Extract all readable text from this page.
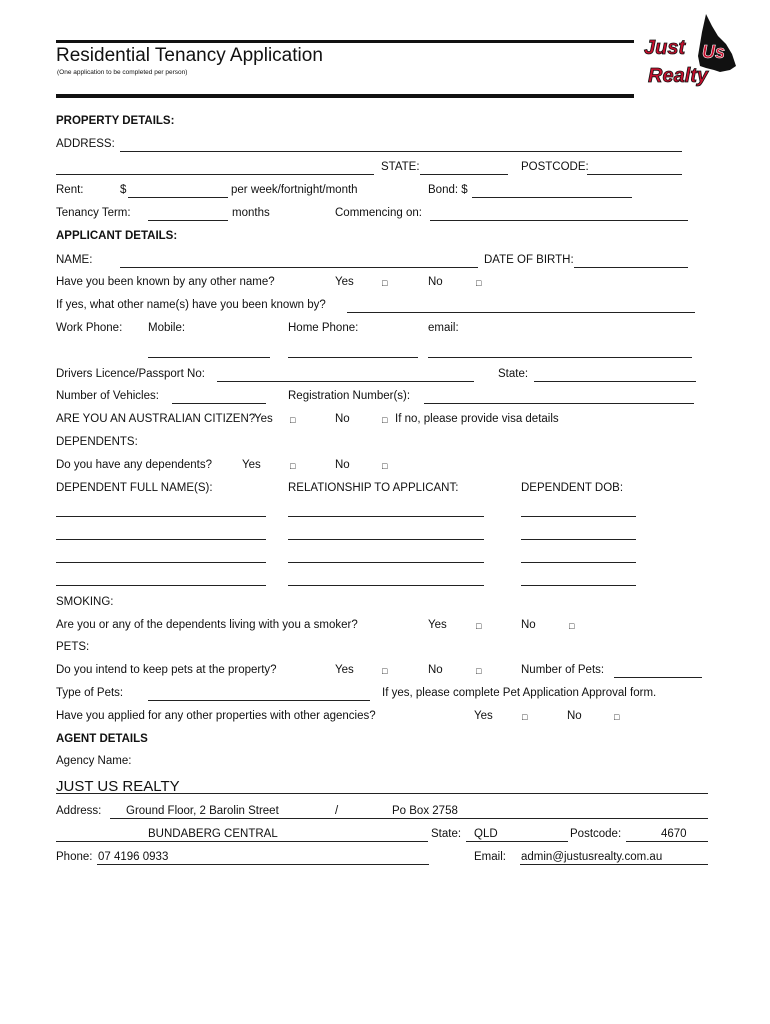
Residential Tenancy Application
(One application to be completed per person)
Just Us
Realty
PROPERTY DETAILS:
ADDRESS:
STATE:	POSTCODE:
Rent:	$	per week/fortnight/month	Bond: $
Tenancy Term:	months	Commencing on:
APPLICANT DETAILS:
NAME:	DATE OF BIRTH:
Have you been known by any other name?	Yes	□	No	□
If yes, what other name(s) have you been known by?
Work Phone: Mobile:	Home Phone:	email:
Drivers Licence/Passport No:	State:
Number of Vehicles:	Registration Number(s):
ARE YOU AN AUSTRALIAN CITIZEN?
Yes □	No	□ If no, please provide visa details
DEPENDENTS:
Do you have any dependents?	Yes	□	No	□
DEPENDENT FULL NAME(S):	RELATIONSHIP TO APPLICANT:	DEPENDENT DOB:
SMOKING:
Are you or any of the dependents living with you a smoker?	Yes	□	No	□
PETS:
Do you intend to keep pets at the property?	Yes	□	No	□	Number of Pets:
Type of Pets:	If yes, please complete Pet Application Approval form.
Have you applied for any other properties with other agencies?	Yes	□	No	□
AGENT DETAILS
Agency Name:
JUST US REALTY
Address: Ground Floor, 2 Barolin Street	/	Po Box 2758
BUNDABERG CENTRAL	State: QLD	Postcode:	4670
Phone: 07 4196 0933	Email: admin@justusrealty.com.au
